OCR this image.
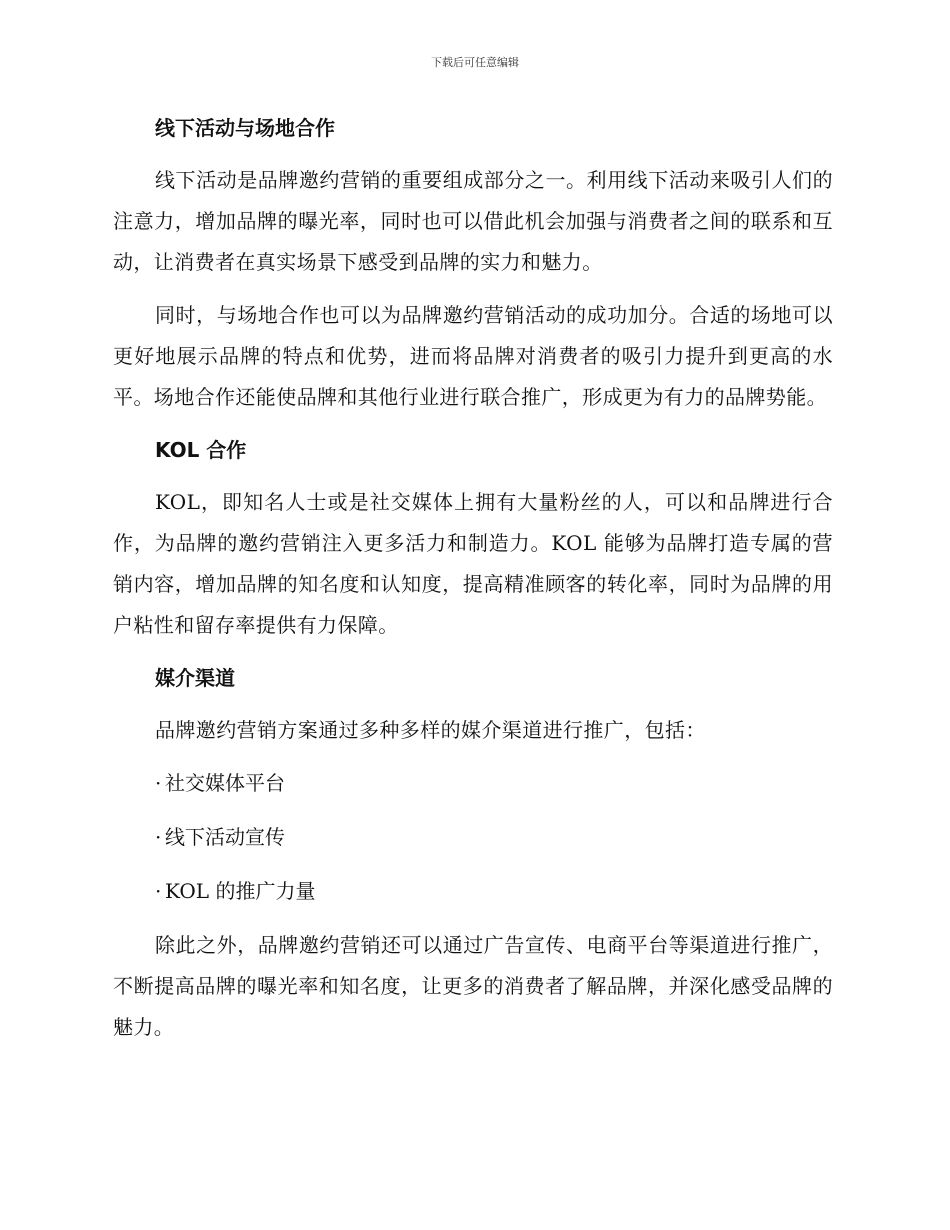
下载后可任意编辑
线下活动与场地合作

线下活动是品牌邀约营销的重要组成部分之一。利用线下活动来吸引人们的注意力，增加品牌的曝光率，同时也可以借此机会加强与消费者之间的联系和互动，让消费者在真实场景下感受到品牌的实力和魅力。

同时，与场地合作也可以为品牌邀约营销活动的成功加分。合适的场地可以更好地展示品牌的特点和优势，进而将品牌对消费者的吸引力提升到更高的水平。场地合作还能使品牌和其他行业进行联合推广，形成更为有力的品牌势能。

KOL 合作

KOL，即知名人士或是社交媒体上拥有大量粉丝的人，可以和品牌进行合作，为品牌的邀约营销注入更多活力和制造力。KOL 能够为品牌打造专属的营销内容，增加品牌的知名度和认知度，提高精准顾客的转化率，同时为品牌的用户粘性和留存率提供有力保障。

媒介渠道

品牌邀约营销方案通过多种多样的媒介渠道进行推广，包括：

· 社交媒体平台
· 线下活动宣传
· KOL 的推广力量

除此之外，品牌邀约营销还可以通过广告宣传、电商平台等渠道进行推广，不断提高品牌的曝光率和知名度，让更多的消费者了解品牌，并深化感受品牌的魅力。
